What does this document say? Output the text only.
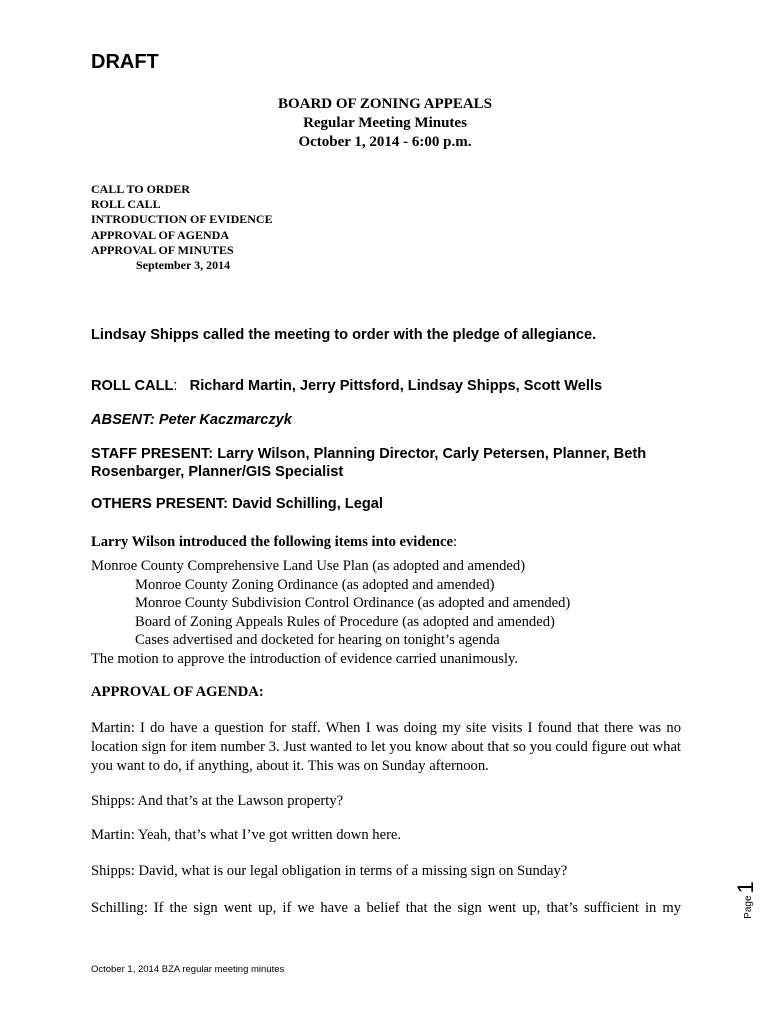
DRAFT
BOARD OF ZONING APPEALS
Regular Meeting Minutes
October 1, 2014 - 6:00 p.m.
CALL TO ORDER
ROLL CALL
INTRODUCTION OF EVIDENCE
APPROVAL OF AGENDA
APPROVAL OF MINUTES
September 3, 2014
Lindsay Shipps called the meeting to order with the pledge of allegiance.
ROLL CALL: Richard Martin, Jerry Pittsford, Lindsay Shipps, Scott Wells
ABSENT: Peter Kaczmarczyk
STAFF PRESENT: Larry Wilson, Planning Director, Carly Petersen, Planner, Beth Rosenbarger, Planner/GIS Specialist
OTHERS PRESENT: David Schilling, Legal
Larry Wilson introduced the following items into evidence:
Monroe County Comprehensive Land Use Plan (as adopted and amended)
Monroe County Zoning Ordinance (as adopted and amended)
Monroe County Subdivision Control Ordinance (as adopted and amended)
Board of Zoning Appeals Rules of Procedure (as adopted and amended)
Cases advertised and docketed for hearing on tonight’s agenda
The motion to approve the introduction of evidence carried unanimously.
APPROVAL OF AGENDA:
Martin: I do have a question for staff. When I was doing my site visits I found that there was no location sign for item number 3. Just wanted to let you know about that so you could figure out what you want to do, if anything, about it. This was on Sunday afternoon.
Shipps: And that’s at the Lawson property?
Martin: Yeah, that’s what I’ve got written down here.
Shipps: David, what is our legal obligation in terms of a missing sign on Sunday?
Schilling: If the sign went up, if we have a belief that the sign went up, that’s sufficient in my
October 1, 2014 BZA regular meeting minutes
Page
1
